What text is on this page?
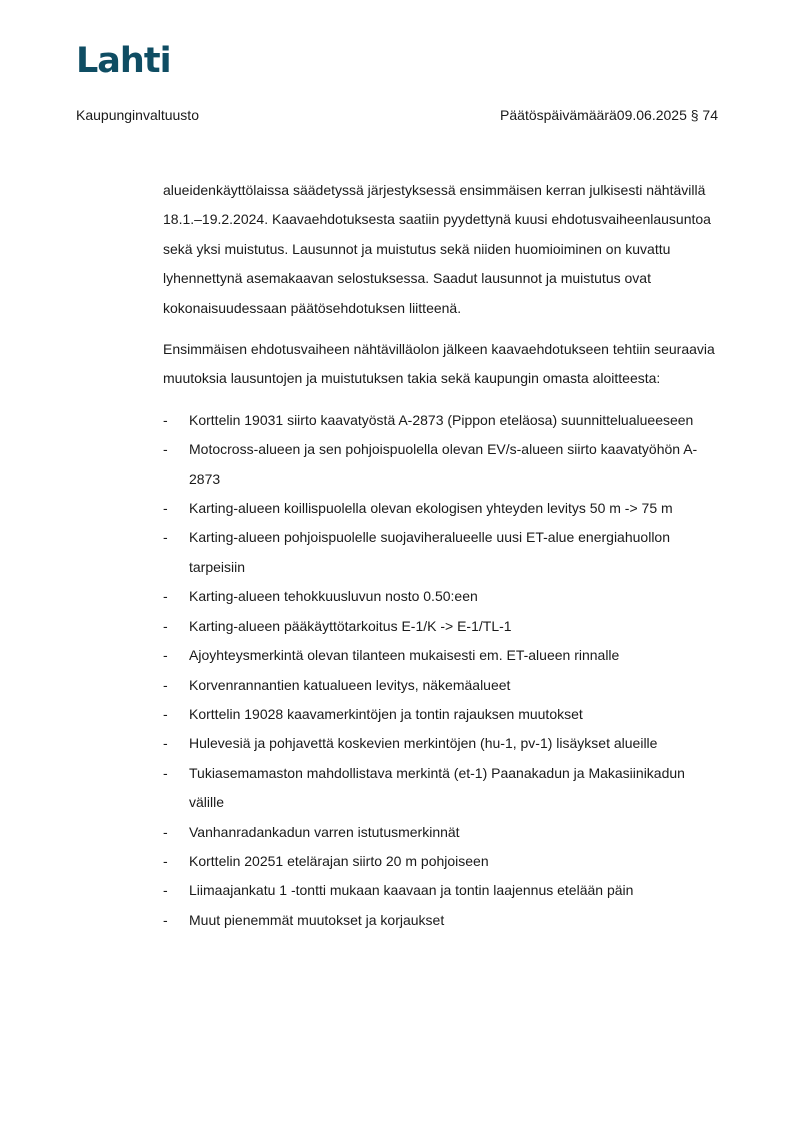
Lahti
Kaupunginvaltuusto	Päätöspäivämäärä09.06.2025 § 74

alueidenkäyttölaissa säädetyssä järjestyksessä ensimmäisen kerran julkisesti nähtävillä 18.1.–19.2.2024. Kaavaehdotuksesta saatiin pyydettynä kuusi ehdotusvaiheenlausuntoa sekä yksi muistutus. Lausunnot ja muistutus sekä niiden huomioiminen on kuvattu lyhennettynä asemakaavan selostuksessa. Saadut lausunnot ja muistutus ovat kokonaisuudessaan päätösehdotuksen liitteenä.

Ensimmäisen ehdotusvaiheen nähtävilläolon jälkeen kaavaehdotukseen tehtiin seuraavia muutoksia lausuntojen ja muistutuksen takia sekä kaupungin omasta aloitteesta:

- Korttelin 19031 siirto kaavatyöstä A-2873 (Pippon eteläosa) suunnittelualueeseen
- Motocross-alueen ja sen pohjoispuolella olevan EV/s-alueen siirto kaavatyöhön A-2873
- Karting-alueen koillispuolella olevan ekologisen yhteyden levitys 50 m -> 75 m
- Karting-alueen pohjoispuolelle suojaviheralueelle uusi ET-alue energiahuollon tarpeisiin
- Karting-alueen tehokkuusluvun nosto 0.50:een
- Karting-alueen pääkäyttötarkoitus E-1/K -> E-1/TL-1
- Ajoyhteysmerkintä olevan tilanteen mukaisesti em. ET-alueen rinnalle
- Korvenrannantien katualueen levitys, näkemäalueet
- Korttelin 19028 kaavamerkintöjen ja tontin rajauksen muutokset
- Hulevesiä ja pohjavettä koskevien merkintöjen (hu-1, pv-1) lisäykset alueille
- Tukiasemamaston mahdollistava merkintä (et-1) Paanakadun ja Makasiinikadun välille
- Vanhanradankadun varren istutusmerkinnät
- Korttelin 20251 etelärajan siirto 20 m pohjoiseen
- Liimaajankatu 1 -tontti mukaan kaavaan ja tontin laajennus etelään päin
- Muut pienemmät muutokset ja korjaukset
